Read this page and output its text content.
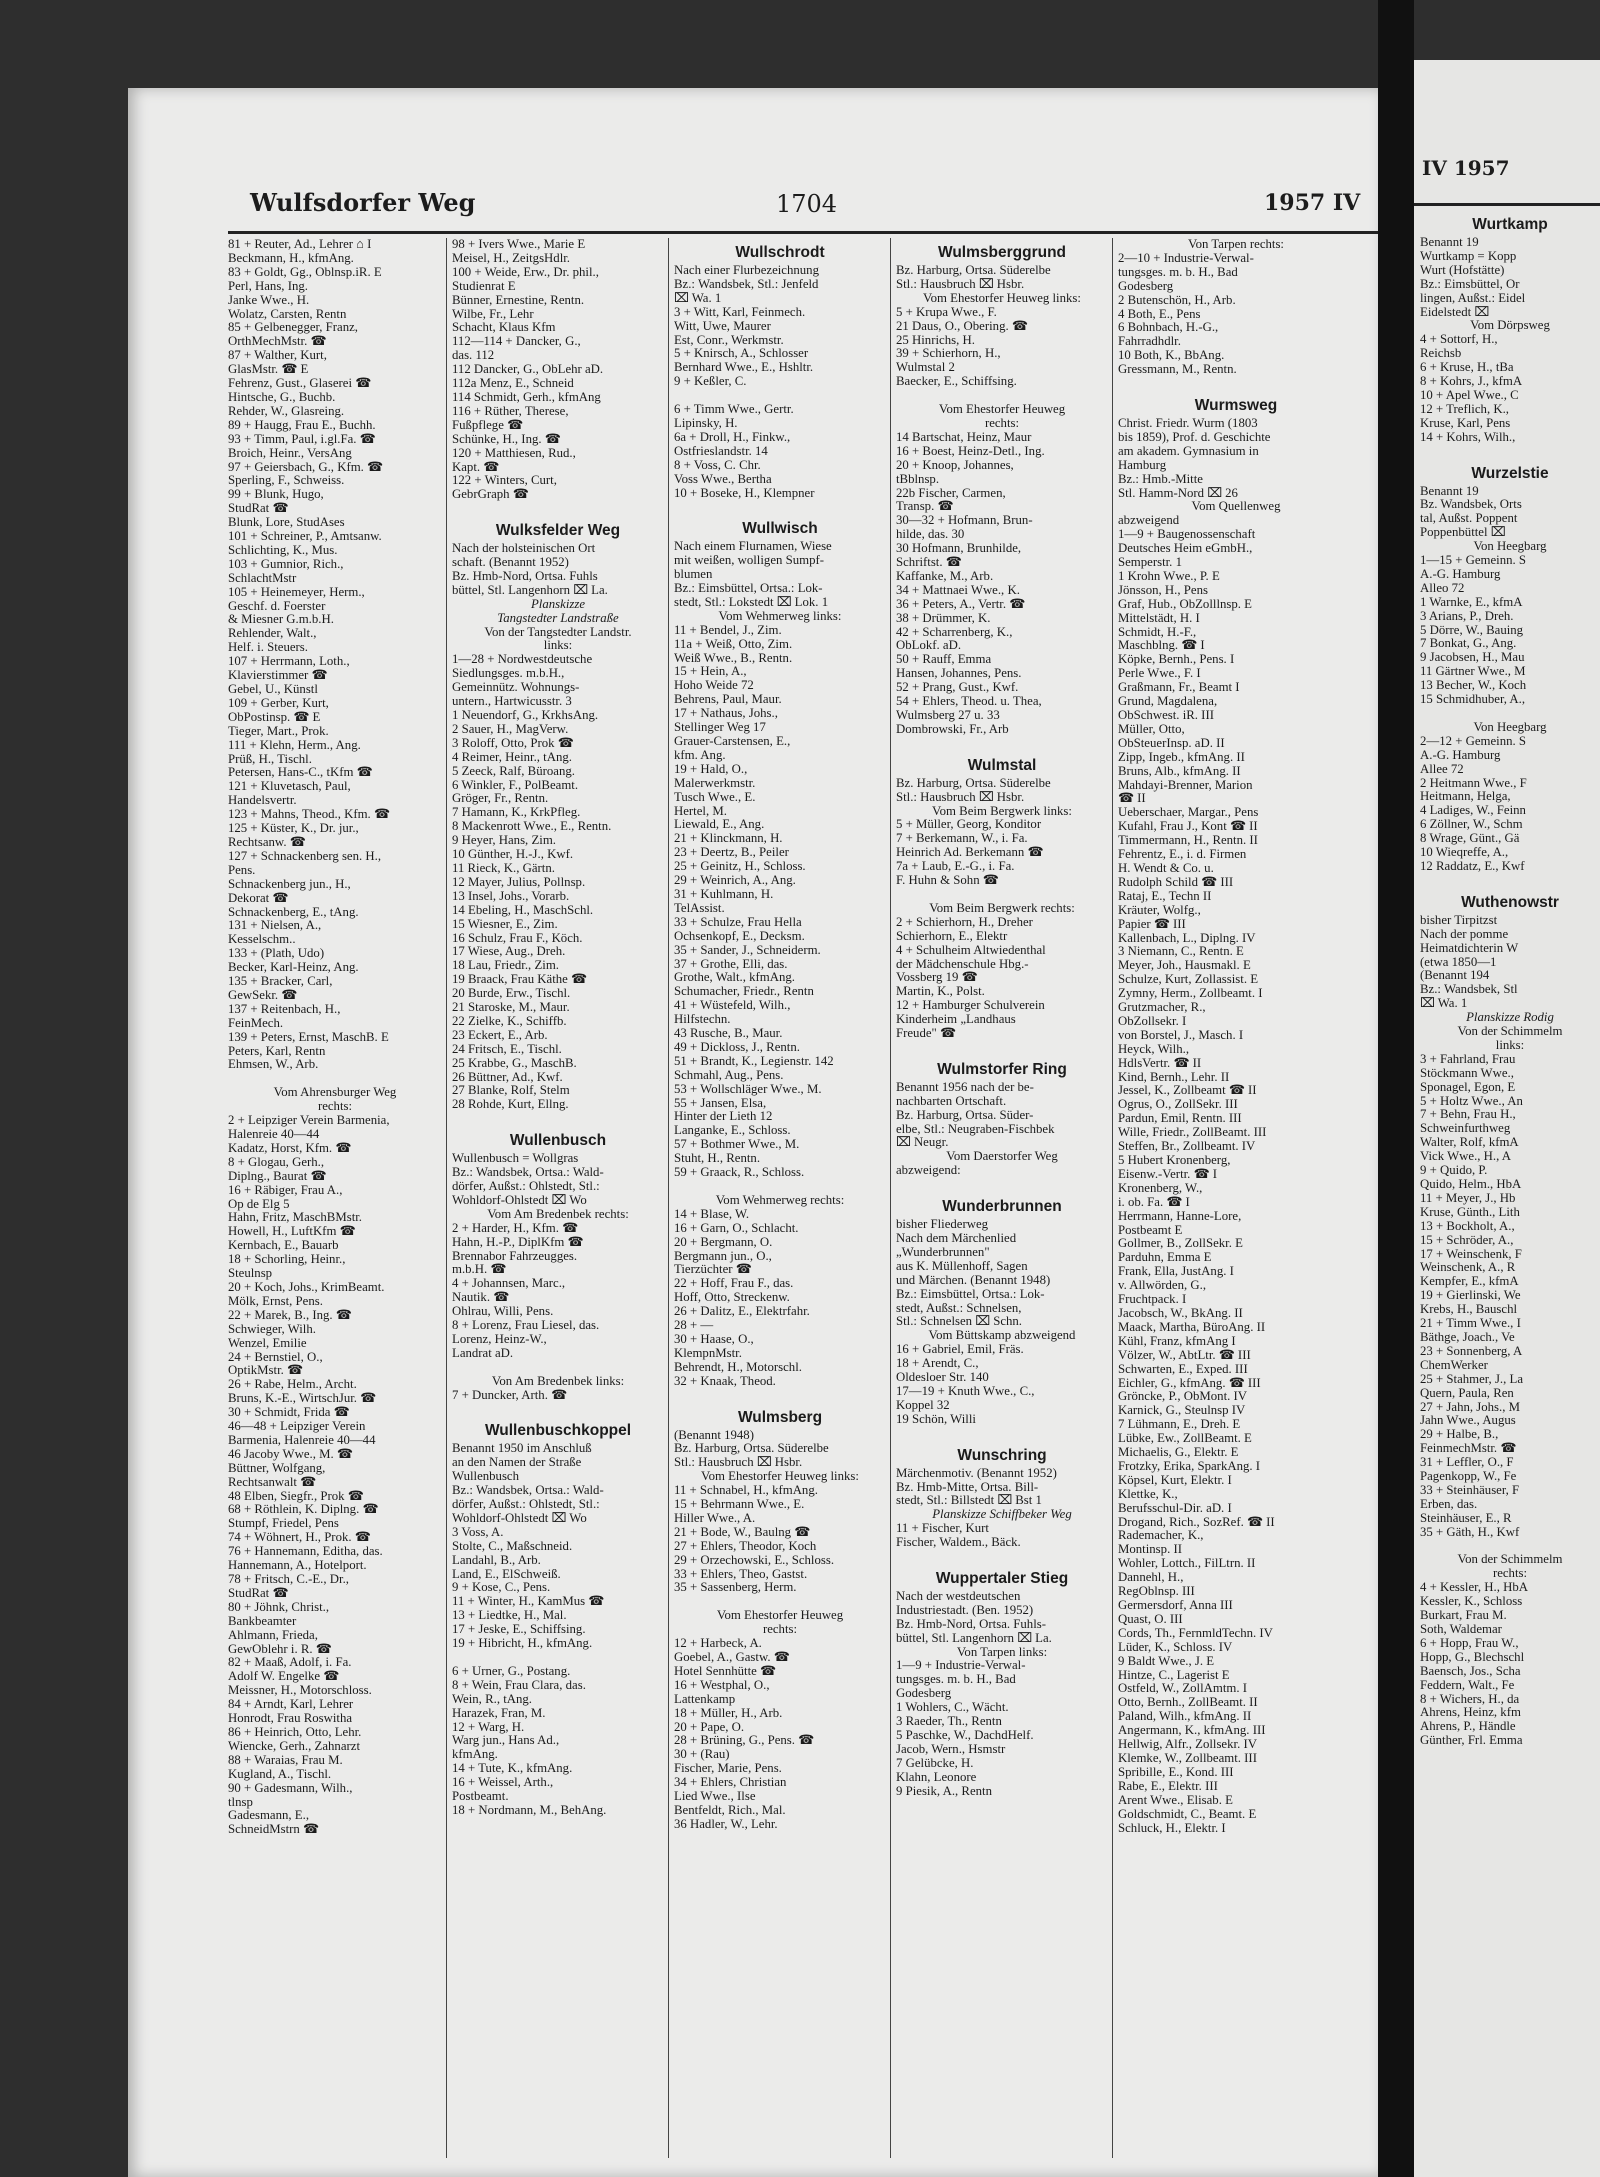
Wulfsdorfer Weg	1704	1957 IV
81 + Reuter, Ad., Lehrer ⌂ I
Beckmann, H., kfmAng.
83 + Goldt, Gg., Oblnsp.iR. E
Perl, Hans, Ing.
Janke Wwe., H.
Wolatz, Carsten, Rentn
85 + Gelbenegger, Franz,
OrthMechMstr. ☎
87 + Walther, Kurt,
GlasMstr. ☎ E
Fehrenz, Gust., Glaserei ☎
Hintsche, G., Buchb.
Rehder, W., Glasreing.
89 + Haugg, Frau E., Buchh.
93 + Timm, Paul, i.gl.Fa. ☎
Broich, Heinr., VersAng
97 + Geiersbach, G., Kfm. ☎
Sperling, F., Schweiss.
99 + Blunk, Hugo,
StudRat ☎
Blunk, Lore, StudAses
101 + Schreiner, P., Amtsanw.
Schlichting, K., Mus.
103 + Gumnior, Rich.,
SchlachtMstr
105 + Heinemeyer, Herm.,
Geschf. d. Foerster
& Miesner G.m.b.H.
Rehlender, Walt.,
Helf. i. Steuers.
107 + Herrmann, Loth.,
Klavierstimmer ☎
Gebel, U., Künstl
109 + Gerber, Kurt,
ObPostinsp. ☎ E
Tieger, Mart., Prok.
111 + Klehn, Herm., Ang.
Prüß, H., Tischl.
Petersen, Hans-C., tKfm ☎
121 + Kluvetasch, Paul,
Handelsvertr.
123 + Mahns, Theod., Kfm. ☎
125 + Küster, K., Dr. jur.,
Rechtsanw. ☎
127 + Schnackenberg sen. H.,
Pens.
Schnackenberg jun., H.,
Dekorat ☎
Schnackenberg, E., tAng.
131 + Nielsen, A.,
Kesselschm..
133 + (Plath, Udo)
Becker, Karl-Heinz, Ang.
135 + Bracker, Carl,
GewSekr. ☎
137 + Reitenbach, H.,
FeinMech.
139 + Peters, Ernst, MaschB. E
Peters, Karl, Rentn
Ehmsen, W., Arb.

Vom Ahrensburger Weg
rechts:
2 + Leipziger Verein Barmenia,
Halenreie 40—44
Kadatz, Horst, Kfm. ☎
8 + Glogau, Gerh.,
Diplng., Baurat ☎
16 + Räbiger, Frau A.,
Op de Elg 5
Hahn, Fritz, MaschBMstr.
Howell, H., LuftKfm ☎
Kernbach, E., Bauarb
18 + Schorling, Heinr.,
Steulnsp
20 + Koch, Johs., KrimBeamt.
Mölk, Ernst, Pens.
22 + Marek, B., Ing. ☎
Schwieger, Wilh.
Wenzel, Emilie
24 + Bernstiel, O.,
OptikMstr. ☎
26 + Rabe, Helm., Archt.
Bruns, K.-E., WirtschJur. ☎
30 + Schmidt, Frida ☎
46—48 + Leipziger Verein
Barmenia, Halenreie 40—44
46 Jacoby Wwe., M. ☎
Büttner, Wolfgang,
Rechtsanwalt ☎
48 Elben, Siegfr., Prok ☎
68 + Röthlein, K. Diplng. ☎
Stumpf, Friedel, Pens
74 + Wöhnert, H., Prok. ☎
76 + Hannemann, Editha, das.
Hannemann, A., Hotelport.
78 + Fritsch, C.-E., Dr.,
StudRat ☎
80 + Jöhnk, Christ.,
Bankbeamter
Ahlmann, Frieda,
GewOblehr i. R. ☎
82 + Maaß, Adolf, i. Fa.
Adolf W. Engelke ☎
Meissner, H., Motorschloss.
84 + Arndt, Karl, Lehrer
Honrodt, Frau Roswitha
86 + Heinrich, Otto, Lehr.
Wiencke, Gerh., Zahnarzt
88 + Waraias, Frau M.
Kugland, A., Tischl.
90 + Gadesmann, Wilh.,
tlnsp
Gadesmann, E.,
SchneidMstrn ☎
98 + Ivers Wwe., Marie E
Meisel, H., ZeitgsHdlr.
100 + Weide, Erw., Dr. phil.,
Studienrat E
Bünner, Ernestine, Rentn.
Wilbe, Fr., Lehr
Schacht, Klaus Kfm
112—114 + Dancker, G.,
das. 112
112 Dancker, G., ObLehr aD.
112a Menz, E., Schneid
114 Schmidt, Gerh., kfmAng
116 + Rüther, Therese,
Fußpflege ☎
Schünke, H., Ing. ☎
120 + Matthiesen, Rud.,
Kapt. ☎
122 + Winters, Curt,
GebrGraph ☎

Wulksfelder Weg
Nach der holsteinischen Ort
schaft. (Benannt 1952)
Bz. Hmb-Nord, Ortsa. Fuhls
büttel, Stl. Langenhorn ⌧ La.
Planskizze
Tangstedter Landstraße
Von der Tangstedter Landstr.
links:
1—28 + Nordwestdeutsche
Siedlungsges. m.b.H.,
Gemeinnütz. Wohnungs-
untern., Hartwicusstr. 3
1 Neuendorf, G., KrkhsAng.
2 Sauer, H., MagVerw.
3 Roloff, Otto, Prok ☎
4 Reimer, Heinr., tAng.
5 Zeeck, Ralf, Büroang.
6 Winkler, F., PolBeamt.
Gröger, Fr., Rentn.
7 Hamann, K., KrkPfleg.
8 Mackenrott Wwe., E., Rentn.
9 Heyer, Hans, Zim.
10 Günther, H.-J., Kwf.
11 Rieck, K., Gärtn.
12 Mayer, Julius, Pollnsp.
13 Insel, Johs., Vorarb.
14 Ebeling, H., MaschSchl.
15 Wiesner, E., Zim.
16 Schulz, Frau F., Köch.
17 Wiese, Aug., Dreh.
18 Lau, Friedr., Zim.
19 Braack, Frau Käthe ☎
20 Burde, Erw., Tischl.
21 Staroske, M., Maur.
22 Zielke, K., Schiffb.
23 Eckert, E., Arb.
24 Fritsch, E., Tischl.
25 Krabbe, G., MaschB.
26 Büttner, Ad., Kwf.
27 Blanke, Rolf, Stelm
28 Rohde, Kurt, Ellng.

Wullenbusch
Wullenbusch = Wollgras
Bz.: Wandsbek, Ortsa.: Wald-
dörfer, Außst.: Ohlstedt, Stl.:
Wohldorf-Ohlstedt ⌧ Wo
Vom Am Bredenbek rechts:
2 + Harder, H., Kfm. ☎
Hahn, H.-P., DiplKfm ☎
Brennabor Fahrzeugges.
m.b.H. ☎
4 + Johannsen, Marc.,
Nautik. ☎
Ohlrau, Willi, Pens.
8 + Lorenz, Frau Liesel, das.
Lorenz, Heinz-W.,
Landrat aD.

Von Am Bredenbek links:
7 + Duncker, Arth. ☎

Wullenbuschkoppel
Benannt 1950 im Anschluß
an den Namen der Straße
Wullenbusch
Bz.: Wandsbek, Ortsa.: Wald-
dörfer, Außst.: Ohlstedt, Stl.:
Wohldorf-Ohlstedt ⌧ Wo
3 Voss, A.
Stolte, C., Maßschneid.
Landahl, B., Arb.
Land, E., ElSchweiß.
9 + Kose, C., Pens.
11 + Winter, H., KamMus ☎
13 + Liedtke, H., Mal.
17 + Jeske, E., Schiffsing.
19 + Hibricht, H., kfmAng.

6 + Urner, G., Postang.
8 + Wein, Frau Clara, das.
Wein, R., tAng.
Harazek, Fran, M.
12 + Warg, H.
Warg jun., Hans Ad.,
kfmAng.
14 + Tute, K., kfmAng.
16 + Weissel, Arth.,
Postbeamt.
18 + Nordmann, M., BehAng.
Wullschrodt
Nach einer Flurbezeichnung
Bz.: Wandsbek, Stl.: Jenfeld
⌧ Wa. 1
3 + Witt, Karl, Feinmech.
Witt, Uwe, Maurer
Est, Conr., Werkmstr.
5 + Knirsch, A., Schlosser
Bernhard Wwe., E., Hshltr.
9 + Keßler, C.

6 + Timm Wwe., Gertr.
Lipinsky, H.
6a + Droll, H., Finkw.,
Ostfrieslandstr. 14
8 + Voss, C. Chr.
Voss Wwe., Bertha
10 + Boseke, H., Klempner

Wullwisch
Nach einem Flurnamen, Wiese
mit weißen, wolligen Sumpf-
blumen
Bz.: Eimsbüttel, Ortsa.: Lok-
stedt, Stl.: Lokstedt ⌧ Lok. 1
Vom Wehmerweg links:
11 + Bendel, J., Zim.
11a + Weiß, Otto, Zim.
Weiß Wwe., B., Rentn.
15 + Hein, A.,
Hoho Weide 72
Behrens, Paul, Maur.
17 + Nathaus, Johs.,
Stellinger Weg 17
Grauer-Carstensen, E.,
kfm. Ang.
19 + Hald, O.,
Malerwerkmstr.
Tusch Wwe., E.
Hertel, M.
Liewald, E., Ang.
21 + Klinckmann, H.
23 + Deertz, B., Peiler
25 + Geinitz, H., Schloss.
29 + Weinrich, A., Ang.
31 + Kuhlmann, H.
TelAssist.
33 + Schulze, Frau Hella
Ochsenkopf, E., Decksm.
35 + Sander, J., Schneiderm.
37 + Grothe, Elli, das.
Grothe, Walt., kfmAng.
Schumacher, Friedr., Rentn
41 + Wüstefeld, Wilh.,
Hilfstechn.
43 Rusche, B., Maur.
49 + Dickloss, J., Rentn.
51 + Brandt, K., Legienstr. 142
Schmahl, Aug., Pens.
53 + Wollschläger Wwe., M.
55 + Jansen, Elsa,
Hinter der Lieth 12
Langanke, E., Schloss.
57 + Bothmer Wwe., M.
Stuht, H., Rentn.
59 + Graack, R., Schloss.

Vom Wehmerweg rechts:
14 + Blase, W.
16 + Garn, O., Schlacht.
20 + Bergmann, O.
Bergmann jun., O.,
Tierzüchter ☎
22 + Hoff, Frau F., das.
Hoff, Otto, Streckenw.
26 + Dalitz, E., Elektrfahr.
28 + —
30 + Haase, O.,
KlempnMstr.
Behrendt, H., Motorschl.
32 + Knaak, Theod.

Wulmsberg
(Benannt 1948)
Bz. Harburg, Ortsa. Süderelbe
Stl.: Hausbruch ⌧ Hsbr.
Vom Ehestorfer Heuweg links:
11 + Schnabel, H., kfmAng.
15 + Behrmann Wwe., E.
Hiller Wwe., A.
21 + Bode, W., Baulng ☎
27 + Ehlers, Theodor, Koch
29 + Orzechowski, E., Schloss.
33 + Ehlers, Theo, Gastst.
35 + Sassenberg, Herm.

Vom Ehestorfer Heuweg
rechts:
12 + Harbeck, A.
Goebel, A., Gastw. ☎
Hotel Sennhütte ☎
16 + Westphal, O.,
Lattenkamp
18 + Müller, H., Arb.
20 + Pape, O.
28 + Brüning, G., Pens. ☎
30 + (Rau)
Fischer, Marie, Pens.
34 + Ehlers, Christian
Lied Wwe., Ilse
Bentfeldt, Rich., Mal.
36 Hadler, W., Lehr.
Wulmsberggrund
Bz. Harburg, Ortsa. Süderelbe
Stl.: Hausbruch ⌧ Hsbr.
Vom Ehestorfer Heuweg links:
5 + Krupa Wwe., F.
21 Daus, O., Obering. ☎
25 Hinrichs, H.
39 + Schierhorn, H.,
Wulmstal 2
Baecker, E., Schiffsing.

Vom Ehestorfer Heuweg
rechts:
14 Bartschat, Heinz, Maur
16 + Boest, Heinz-Detl., Ing.
20 + Knoop, Johannes,
tBblnsp.
22b Fischer, Carmen,
Transp. ☎
30—32 + Hofmann, Brun-
hilde, das. 30
30 Hofmann, Brunhilde,
Schriftst. ☎
Kaffanke, M., Arb.
34 + Mattnaei Wwe., K.
36 + Peters, A., Vertr. ☎
38 + Drümmer, K.
42 + Scharrenberg, K.,
ObLokf. aD.
50 + Rauff, Emma
Hansen, Johannes, Pens.
52 + Prang, Gust., Kwf.
54 + Ehlers, Theod. u. Thea,
Wulmsberg 27 u. 33
Dombrowski, Fr., Arb

Wulmstal
Bz. Harburg, Ortsa. Süderelbe
Stl.: Hausbruch ⌧ Hsbr.
Vom Beim Bergwerk links:
5 + Müller, Georg, Konditor
7 + Berkemann, W., i. Fa.
Heinrich Ad. Berkemann ☎
7a + Laub, E.-G., i. Fa.
F. Huhn & Sohn ☎

Vom Beim Bergwerk rechts:
2 + Schierhorn, H., Dreher
Schierhorn, E., Elektr
4 + Schulheim Altwiedenthal
der Mädchenschule Hbg.-
Vossberg 19 ☎
Martin, K., Polst.
12 + Hamburger Schulverein
Kinderheim „Landhaus
Freude" ☎

Wulmstorfer Ring
Benannt 1956 nach der be-
nachbarten Ortschaft.
Bz. Harburg, Ortsa. Süder-
elbe, Stl.: Neugraben-Fischbek
⌧ Neugr.
Vom Daerstorfer Weg
abzweigend:

Wunderbrunnen
bisher Fliederweg
Nach dem Märchenlied
„Wunderbrunnen"
aus K. Müllenhoff, Sagen
und Märchen. (Benannt 1948)
Bz.: Eimsbüttel, Ortsa.: Lok-
stedt, Außst.: Schnelsen,
Stl.: Schnelsen ⌧ Schn.
Vom Büttskamp abzweigend
16 + Gabriel, Emil, Fräs.
18 + Arendt, C.,
Oldesloer Str. 140
17—19 + Knuth Wwe., C.,
Koppel 32
19 Schön, Willi

Wunschring
Märchenmotiv. (Benannt 1952)
Bz. Hmb-Mitte, Ortsa. Bill-
stedt, Stl.: Billstedt ⌧ Bst 1
Planskizze Schiffbeker Weg
11 + Fischer, Kurt
Fischer, Waldem., Bäck.

Wuppertaler Stieg
Nach der westdeutschen
Industriestadt. (Ben. 1952)
Bz. Hmb-Nord, Ortsa. Fuhls-
büttel, Stl. Langenhorn ⌧ La.
Von Tarpen links:
1—9 + Industrie-Verwal-
tungsges. m. b. H., Bad
Godesberg
1 Wohlers, C., Wächt.
3 Raeder, Th., Rentn
5 Paschke, W., DachdHelf.
Jacob, Wern., Hsmstr
7 Gelübcke, H.
Klahn, Leonore
9 Piesik, A., Rentn
Von Tarpen rechts:
2—10 + Industrie-Verwal-
tungsges. m. b. H., Bad
Godesberg
2 Butenschön, H., Arb.
4 Both, E., Pens
6 Bohnbach, H.-G.,
Fahrradhdlr.
10 Both, K., BbAng.
Gressmann, M., Rentn.

Wurmsweg
Christ. Friedr. Wurm (1803
bis 1859), Prof. d. Geschichte
am akadem. Gymnasium in
Hamburg
Bz.: Hmb.-Mitte
Stl. Hamm-Nord ⌧ 26
Vom Quellenweg
abzweigend
1—9 + Baugenossenschaft
Deutsches Heim eGmbH.,
Semperstr. 1
1 Krohn Wwe., P. E
Jönsson, H., Pens
Graf, Hub., ObZolllnsp. E
Mittelstädt, H. I
Schmidt, H.-F.,
Maschblng. ☎ I
Köpke, Bernh., Pens. I
Perle Wwe., F. I
Graßmann, Fr., Beamt I
Grund, Magdalena,
ObSchwest. iR. III
Müller, Otto,
ObSteuerInsp. aD. II
Zipp, Ingeb., kfmAng. II
Bruns, Alb., kfmAng. II
Mahdayi-Brenner, Marion
☎ II
Ueberschaer, Margar., Pens
Kufahl, Frau J., Kont ☎ II
Timmermann, H., Rentn. II
Fehrentz, E., i. d. Firmen
H. Wendt & Co. u.
Rudolph Schild ☎ III
Rataj, E., Techn II
Kräuter, Wolfg.,
Papier ☎ III
Kallenbach, L., Diplng. IV
3 Niemann, C., Rentn. E
Meyer, Joh., Hausmakl. E
Schulze, Kurt, Zollassist. E
Zymny, Herm., Zollbeamt. I
Grutzmacher, R.,
ObZollsekr. I
von Borstel, J., Masch. I
Heyck, Wilh.,
HdlsVertr. ☎ II
Kind, Bernh., Lehr. II
Jessel, K., Zollbeamt ☎ II
Ogrus, O., ZollSekr. III
Pardun, Emil, Rentn. III
Wille, Friedr., ZollBeamt. III
Steffen, Br., Zollbeamt. IV
5 Hubert Kronenberg,
Eisenw.-Vertr. ☎ I
Kronenberg, W.,
i. ob. Fa. ☎ I
Herrmann, Hanne-Lore,
Postbeamt E
Gollmer, B., ZollSekr. E
Parduhn, Emma E
Frank, Ella, JustAng. I
v. Allwörden, G.,
Fruchtpack. I
Jacobsch, W., BkAng. II
Maack, Martha, BüroAng. II
Kühl, Franz, kfmAng I
Völzer, W., AbtLtr. ☎ III
Schwarten, E., Exped. III
Eichler, G., kfmAng. ☎ III
Gröncke, P., ObMont. IV
Karnick, G., Steulnsp IV
7 Lühmann, E., Dreh. E
Lübke, Ew., ZollBeamt. E
Michaelis, G., Elektr. E
Frotzky, Erika, SparkAng. I
Köpsel, Kurt, Elektr. I
Klettke, K.,
Berufsschul-Dir. aD. I
Drogand, Rich., SozRef. ☎ II
Rademacher, K.,
Montinsp. II
Wohler, Lottch., FilLtrn. II
Dannehl, H.,
RegOblnsp. III
Germersdorf, Anna III
Quast, O. III
Cords, Th., FernmldTechn. IV
Lüder, K., Schloss. IV
9 Baldt Wwe., J. E
Hintze, C., Lagerist E
Ostfeld, W., ZollAmtm. I
Otto, Bernh., ZollBeamt. II
Paland, Wilh., kfmAng. II
Angermann, K., kfmAng. III
Hellwig, Alfr., Zollsekr. IV
Klemke, W., Zollbeamt. III
Spribille, E., Kond. III
Rabe, E., Elektr. III
Arent Wwe., Elisab. E
Goldschmidt, C., Beamt. E
Schluck, H., Elektr. I
IV 1957
Wurtkamp
Benannt 19
Wurtkamp = Kopp
Wurt (Hofstätte)
Bz.: Eimsbüttel, Or
lingen, Außst.: Eidel
Eidelstedt ⌧
Vom Dörpsweg
4 + Sottorf, H.,
Reichsb
6 + Kruse, H., tBa
8 + Kohrs, J., kfmA
10 + Apel Wwe., C
12 + Treflich, K.,
Kruse, Karl, Pens
14 + Kohrs, Wilh.,

Wurzelstie
Benannt 19
Bz. Wandsbek, Orts
tal, Außst. Poppent
Poppenbüttel ⌧
Von Heegbarg
1—15 + Gemeinn. S
A.-G. Hamburg
Alleo 72
1 Warnke, E., kfmA
3 Arians, P., Dreh.
5 Dörre, W., Bauing
7 Bonkat, G., Ang.
9 Jacobsen, H., Mau
11 Gärtner Wwe., M
13 Becher, W., Koch
15 Schmidhuber, A.,

Von Heegbarg
2—12 + Gemeinn. S
A.-G. Hamburg
Allee 72
2 Heitmann Wwe., F
Heitmann, Helga,
4 Ladiges, W., Feinn
6 Zöllner, W., Schm
8 Wrage, Günt., Gä
10 Wieqreffe, A.,
12 Raddatz, E., Kwf

Wuthenowstr
bisher Tirpitzst
Nach der pomme
Heimatdichterin W
(etwa 1850—1
(Benannt 194
Bz.: Wandsbek, Stl
⌧ Wa. 1
Planskizze Rodig
Von der Schimmelm
links:
3 + Fahrland, Frau
Stöckmann Wwe.,
Sponagel, Egon, E
5 + Holtz Wwe., An
7 + Behn, Frau H.,
Schweinfurthweg
Walter, Rolf, kfmA
Vick Wwe., H., A
9 + Quido, P.
Quido, Helm., HbA
11 + Meyer, J., Hb
Kruse, Günth., Lith
13 + Bockholt, A.,
15 + Schröder, A.,
17 + Weinschenk, F
Weinschenk, A., R
Kempfer, E., kfmA
19 + Gierlinski, We
Krebs, H., Bauschl
21 + Timm Wwe., I
Bäthge, Joach., Ve
23 + Sonnenberg, A
ChemWerker
25 + Stahmer, J., La
Quern, Paula, Ren
27 + Jahn, Johs., M
Jahn Wwe., Augus
29 + Halbe, B.,
FeinmechMstr. ☎
31 + Leffler, O., F
Pagenkopp, W., Fe
33 + Steinhäuser, F
Erben, das.
Steinhäuser, E., R
35 + Gäth, H., Kwf

Von der Schimmelm
rechts:
4 + Kessler, H., HbA
Kessler, K., Schloss
Burkart, Frau M.
Soth, Waldemar
6 + Hopp, Frau W.,
Hopp, G., Blechschl
Baensch, Jos., Scha
Feddern, Walt., Fe
8 + Wichers, H., da
Ahrens, Heinz, kfm
Ahrens, P., Händle
Günther, Frl. Emma
